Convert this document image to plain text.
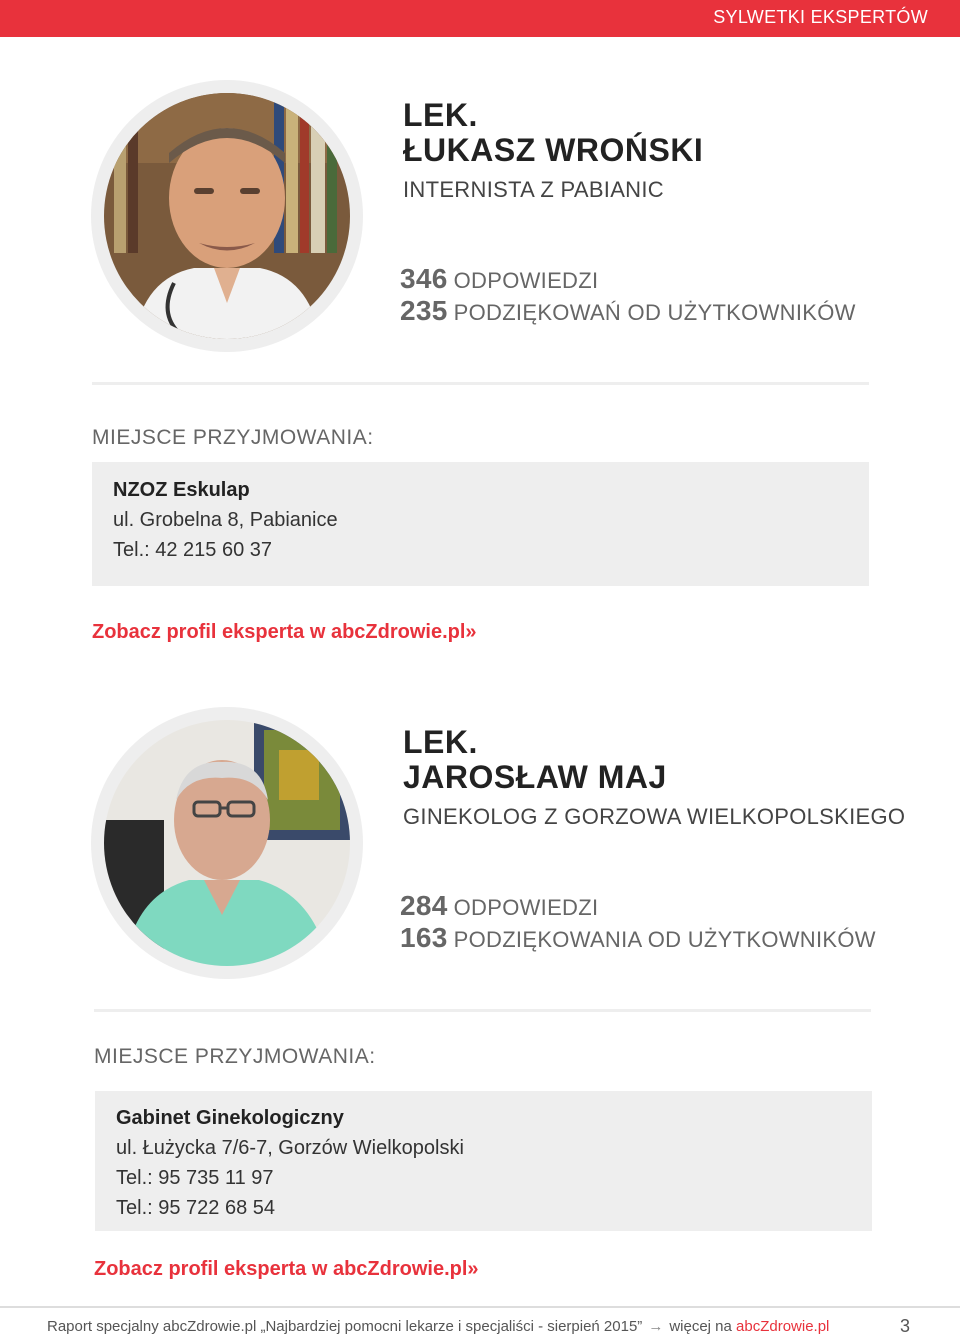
SYLWETKI EKSPERTÓW
LEK.
ŁUKASZ WROŃSKI
INTERNISTA Z PABIANIC
346 ODPOWIEDZI
235 PODZIĘKOWAŃ OD UŻYTKOWNIKÓW
MIEJSCE PRZYJMOWANIA:
NZOZ Eskulap
ul. Grobelna 8, Pabianice
Tel.: 42 215 60 37
Zobacz profil eksperta w abcZdrowie.pl»
LEK.
JAROSŁAW MAJ
GINEKOLOG Z GORZOWA WIELKOPOLSKIEGO
284 ODPOWIEDZI
163 PODZIĘKOWANIA OD UŻYTKOWNIKÓW
MIEJSCE PRZYJMOWANIA:
Gabinet Ginekologiczny
ul. Łużycka 7/6-7, Gorzów Wielkopolski
Tel.: 95 735 11 97
Tel.: 95 722 68 54
Zobacz profil eksperta w abcZdrowie.pl»
Raport specjalny abcZdrowie.pl „Najbardziej pomocni lekarze i specjaliści - sierpień 2015” → więcej na abcZdrowie.pl	3
